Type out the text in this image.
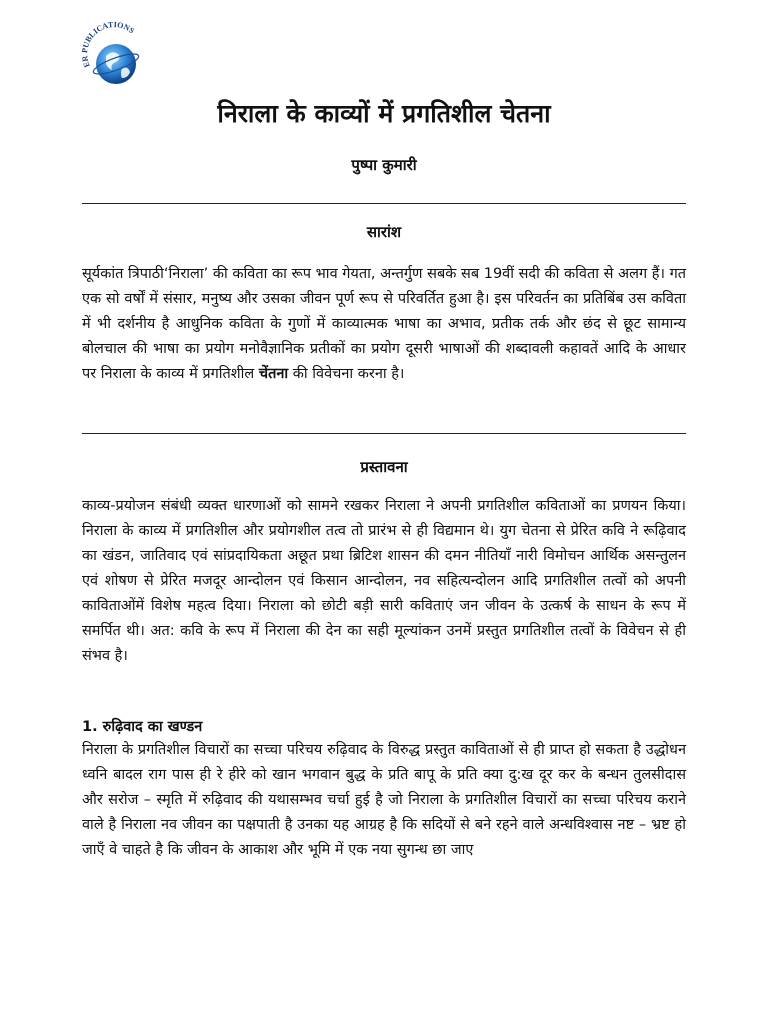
ER PUBLICATIONS
निराला के काव्यों में प्रगतिशील चेतना
पुष्पा कुमारी
सारांश

सूर्यकांत त्रिपाठी‘निराला’ की कविता का रूप भाव गेयता, अन्तर्गुण सबके सब 19वीं सदी की कविता से अलग हैं। गत एक सो वर्षों में संसार, मनुष्य और उसका जीवन पूर्ण रूप से परिवर्तित हुआ है। इस परिवर्तन का प्रतिबिंब उस कविता में भी दर्शनीय है आधुनिक कविता के गुणों में काव्यात्मक भाषा का अभाव, प्रतीक तर्क और छंद से छूट सामान्य बोलचाल की भाषा का प्रयोग मनोवैज्ञानिक प्रतीकों का प्रयोग दूसरी भाषाओं की शब्दावली कहावतें आदि के आधार पर निराला के काव्य में प्रगतिशील चेंतना की विवेचना करना है।

प्रस्तावना

काव्य-प्रयोजन संबंधी व्यक्त धारणाओं को सामने रखकर निराला ने अपनी प्रगतिशील कविताओं का प्रणयन किया। निराला के काव्य में प्रगतिशील और प्रयोगशील तत्व तो प्रारंभ से ही विद्यमान थे। युग चेतना से प्रेरित कवि ने रूढ़िवाद का खंडन, जातिवाद एवं सांप्रदायिकता अछूत प्रथा ब्रिटिश शासन की दमन नीतियाँ नारी विमोचन आर्थिक असन्तुलन एवं शोषण से प्रेरित मजदूर आन्दोलन एवं किसान आन्दोलन, नव सहित्यन्दोलन आदि प्रगतिशील तत्वों को अपनी काविताओंमें विशेष महत्व दिया। निराला को छोटी बड़ी सारी कविताएं जन जीवन के उत्कर्ष के साधन के रूप में समर्पित थी। अत: कवि के रूप में निराला की देन का सही मूल्यांकन उनमें प्रस्तुत प्रगतिशील तत्वों के विवेचन से ही संभव है।

1. रुढ़िवाद का खण्डन

निराला के प्रगतिशील विचारों का सच्चा परिचय रुढ़िवाद के विरुद्ध प्रस्तुत काविताओं से ही प्राप्त हो सकता है उद्धोधन ध्वनि बादल राग पास ही रे हीरे को खान भगवान बुद्ध के प्रति बापू के प्रति क्या दु:ख दूर कर के बन्धन तुलसीदास और सरोज – स्मृति में रुढ़िवाद की यथासम्भव चर्चा हुई है जो निराला के प्रगतिशील विचारों का सच्चा परिचय कराने वाले है निराला नव जीवन का पक्षपाती है उनका यह आग्रह है कि सदियों से बने रहने वाले अन्धविश्वास नष्ट – भ्रष्ट हो जाएँ वे चाहते है कि जीवन के आकाश और भूमि में एक नया सुगन्ध छा जाए
